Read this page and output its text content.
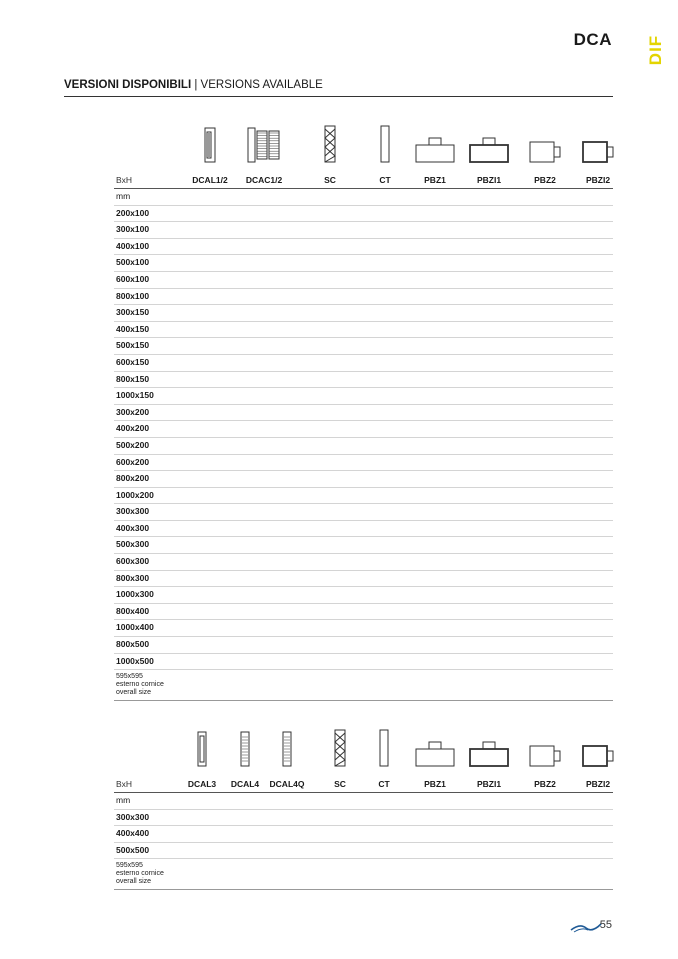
DCA DIF
VERSIONI DISPONIBILI | VERSIONS AVAILABLE
BxH	DCAL1/2 DCAC1/2	SC	CT	PBZ1	PBZI1	PBZ2	PBZI2
mm
200x100
300x100
400x100
500x100
600x100
800x100
300x150
400x150
500x150
600x150
800x150
1000x150
300x200
400x200
500x200
600x200
800x200
1000x200
300x300
400x300
500x300
600x300
800x300
1000x300
800x400
1000x400
800x500
1000x500
595x595
esterno cornice
overall size
BxH	DCAL3 DCAL4 DCAL4Q	SC	CT	PBZ1	PBZI1	PBZ2	PBZI2
mm
300x300
400x400
500x500
595x595
esterno cornice
overall size
55
